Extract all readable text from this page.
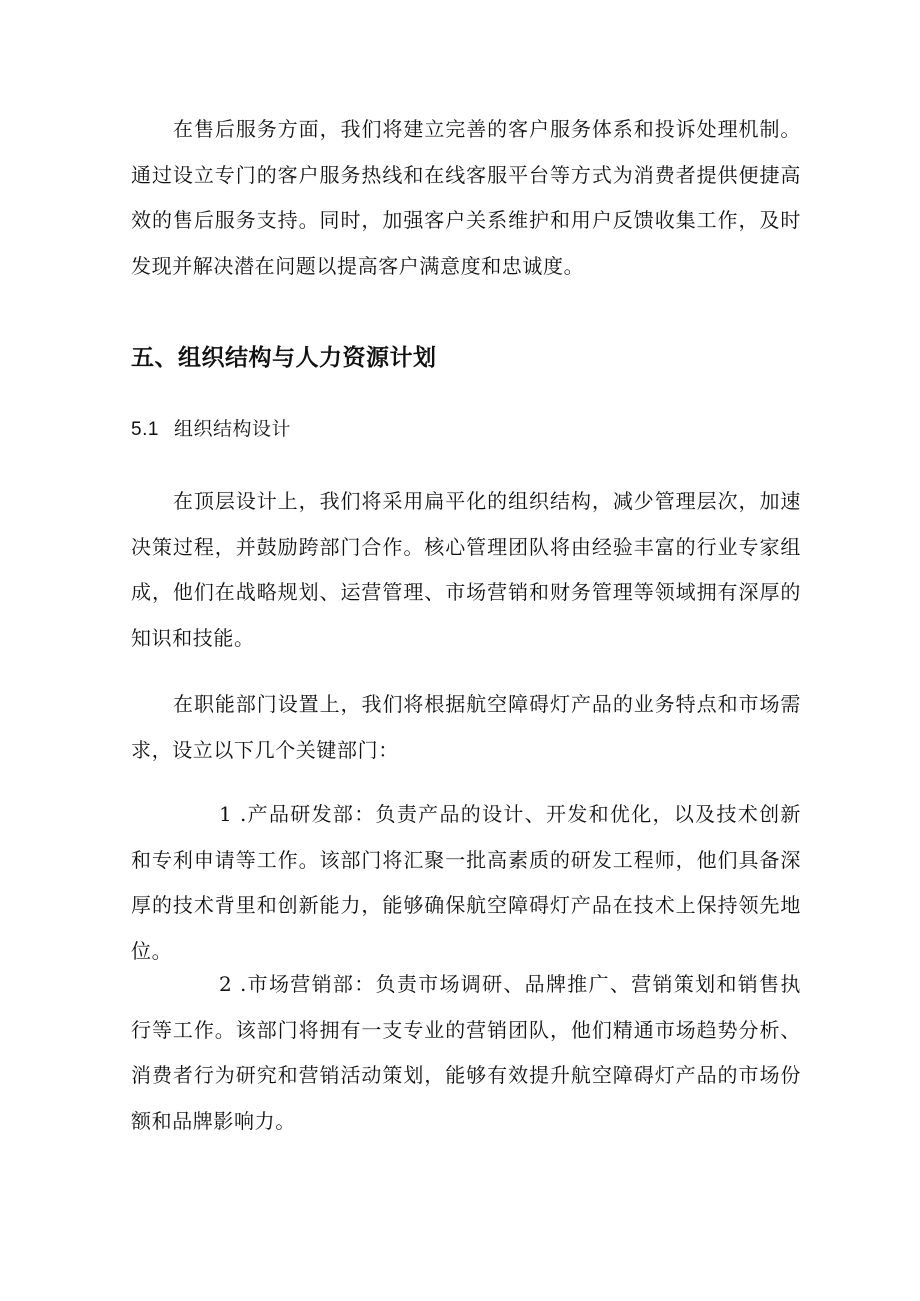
在售后服务方面，我们将建立完善的客户服务体系和投诉处理机制。通过设立专门的客户服务热线和在线客服平台等方式为消费者提供便捷高效的售后服务支持。同时，加强客户关系维护和用户反馈收集工作，及时发现并解决潜在问题以提高客户满意度和忠诚度。

五、组织结构与人力资源计划
5.1 组织结构设计

在顶层设计上，我们将采用扁平化的组织结构，减少管理层次，加速决策过程，并鼓励跨部门合作。核心管理团队将由经验丰富的行业专家组成，他们在战略规划、运营管理、市场营销和财务管理等领域拥有深厚的知识和技能。

在职能部门设置上，我们将根据航空障碍灯产品的业务特点和市场需求，设立以下几个关键部门：

1 .产品研发部：负责产品的设计、开发和优化，以及技术创新和专利申请等工作。该部门将汇聚一批高素质的研发工程师，他们具备深厚的技术背里和创新能力，能够确保航空障碍灯产品在技术上保持领先地位。

2 .市场营销部：负责市场调研、品牌推广、营销策划和销售执行等工作。该部门将拥有一支专业的营销团队，他们精通市场趋势分析、消费者行为研究和营销活动策划，能够有效提升航空障碍灯产品的市场份额和品牌影响力。
